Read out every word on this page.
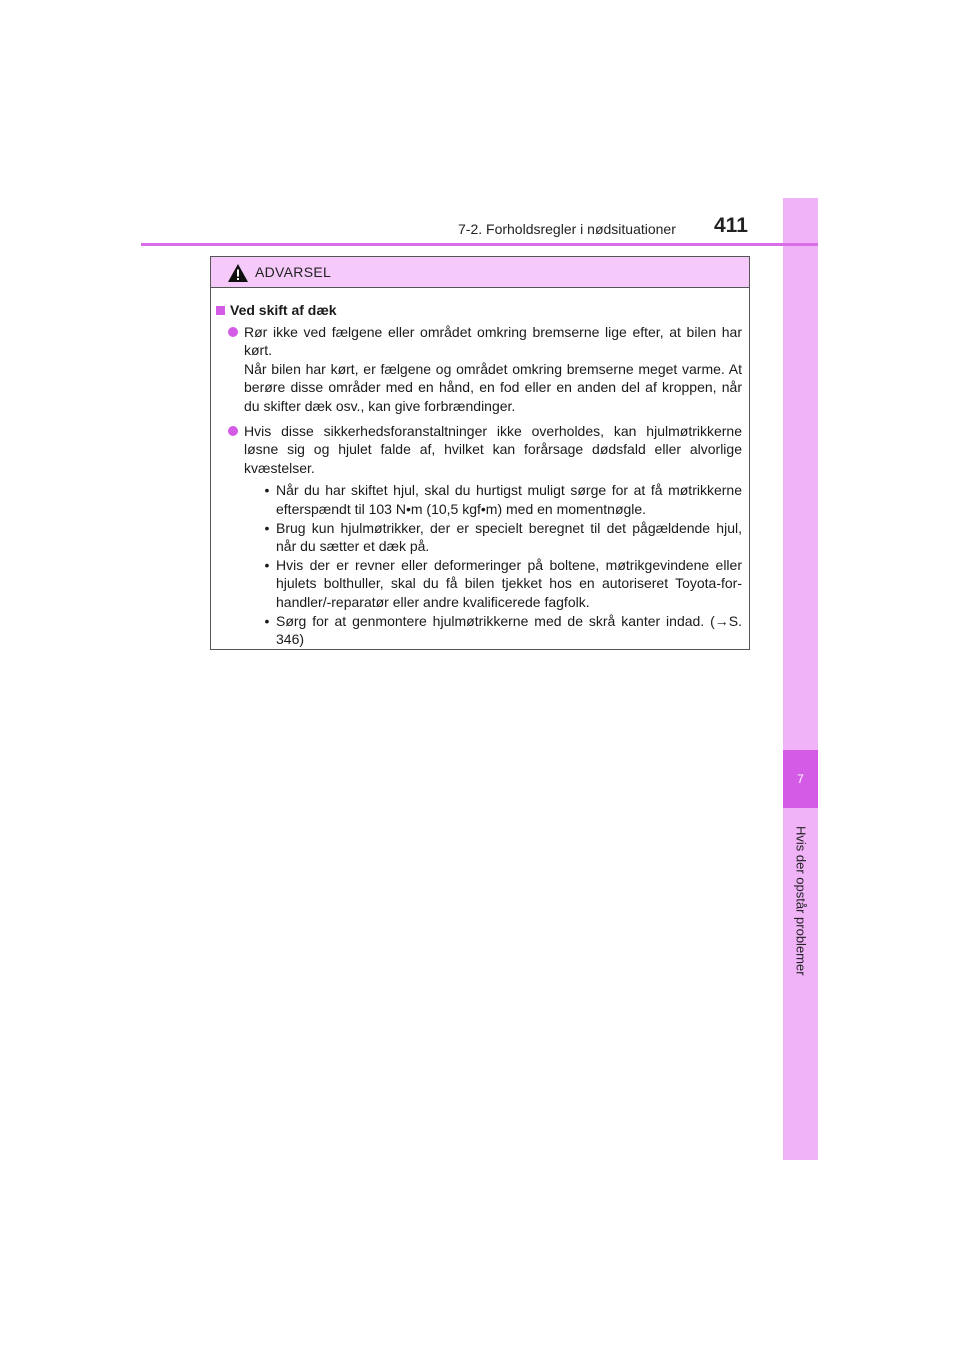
7
Hvis der opstår problemer
7-2. Forholdsregler i nødsituationer 411
ADVARSEL
Ved skift af dæk
Rør ikke ved fælgene eller området omkring bremserne lige efter, at bilen har kørt.
Når bilen har kørt, er fælgene og området omkring bremserne meget varme. At berøre disse områder med en hånd, en fod eller en anden del af kroppen, når du skifter dæk osv., kan give forbrændinger.
Hvis disse sikkerhedsforanstaltninger ikke overholdes, kan hjulmøtrikkerne løsne sig og hjulet falde af, hvilket kan forårsage dødsfald eller alvorlige kvæstelser.
• Når du har skiftet hjul, skal du hurtigst muligt sørge for at få møtrikkerne efterspændt til 103 N•m (10,5 kgf•m) med en momentnøgle.
• Brug kun hjulmøtrikker, der er specielt beregnet til det pågældende hjul, når du sætter et dæk på.
• Hvis der er revner eller deformeringer på boltene, møtrikgevindene eller hjulets bolthuller, skal du få bilen tjekket hos en autoriseret Toyota-for-handler/-reparatør eller andre kvalificerede fagfolk.
• Sørg for at genmontere hjulmøtrikkerne med de skrå kanter indad. (→S. 346)
